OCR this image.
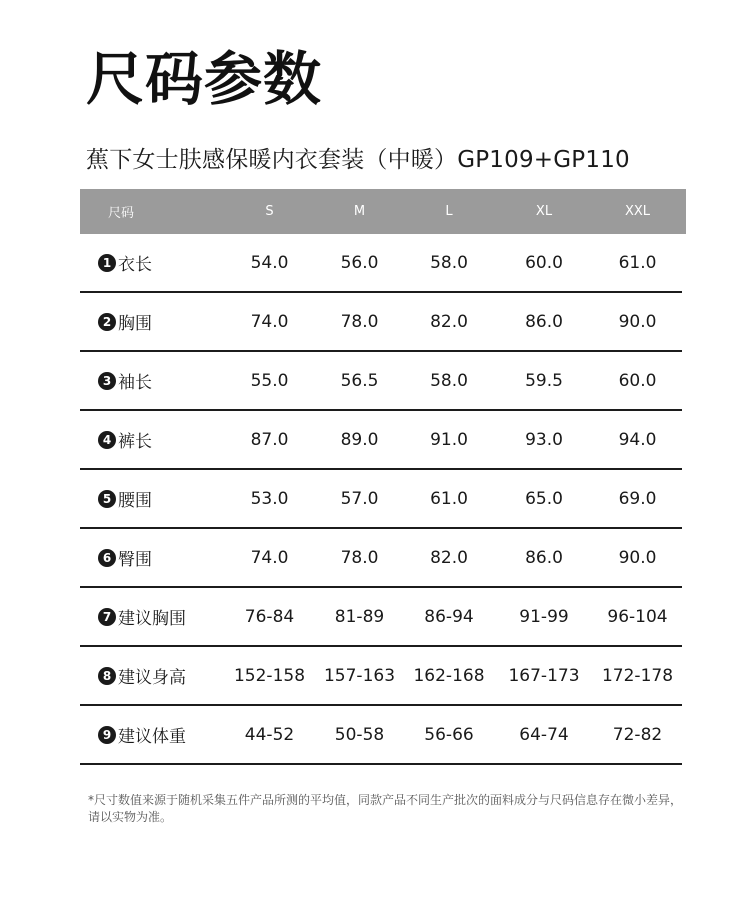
尺码参数
蕉下女士肤感保暖内衣套装（中暖）GP109+GP110
尺码	S	M	L	XL	XXL
1 衣长	54.0	56.0	58.0	60.0	61.0
2 胸围	74.0	78.0	82.0	86.0	90.0
3 袖长	55.0	56.5	58.0	59.5	60.0
4 裤长	87.0	89.0	91.0	93.0	94.0
5 腰围	53.0	57.0	61.0	65.0	69.0
6 臀围	74.0	78.0	82.0	86.0	90.0
7 建议胸围	76-84	81-89	86-94	91-99	96-104
8 建议身高	152-158	157-163	162-168	167-173	172-178
9 建议体重	44-52	50-58	56-66	64-74	72-82
*尺寸数值来源于随机采集五件产品所测的平均值，同款产品不同生产批次的面料成分与尺码信息存在微小差异，请以实物为准。
